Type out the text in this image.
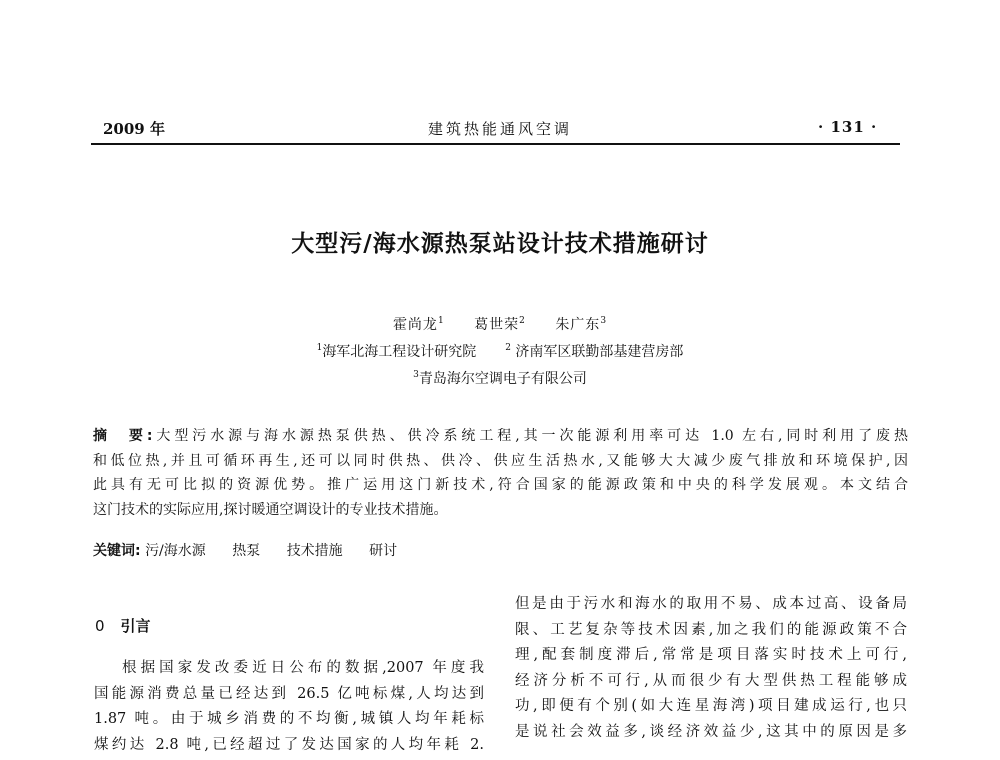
2009 年	建筑热能通风空调	· 131 ·
大型污/海水源热泵站设计技术措施研讨
霍尚龙$^1$ 葛世荣$^2$ 朱广东$^3$
$^1$海军北海工程设计研究院	$^2$ 济南军区联勤部基建营房部
$^3$青岛海尔空调电子有限公司
摘　要:大型污水源与海水源热泵供热、供冷系统工程,其一次能源利用率可达 1.0 左右,同时利用了废热
和低位热,并且可循环再生,还可以同时供热、供冷、供应生活热水,又能够大大减少废气排放和环境保护,因
此具有无可比拟的资源优势。推广运用这门新技术,符合国家的能源政策和中央的科学发展观。本文结合
这门技术的实际应用,探讨暖通空调设计的专业技术措施。
关键词: 污/海水源 热泵 技术措施 研讨
0 引言
根据国家发改委近日公布的数据,2007 年度我
国能源消费总量已经达到 26.5 亿吨标煤,人均达到
1.87 吨。由于城乡消费的不均衡,城镇人均年耗标
煤约达 2.8 吨,已经超过了发达国家的人均年耗 2.
但是由于污水和海水的取用不易、成本过高、设备局
限、工艺复杂等技术因素,加之我们的能源政策不合
理,配套制度滞后,常常是项目落实时技术上可行,
经济分析不可行,从而很少有大型供热工程能够成
功,即便有个别(如大连星海湾)项目建成运行,也只
是说社会效益多,谈经济效益少,这其中的原因是多
